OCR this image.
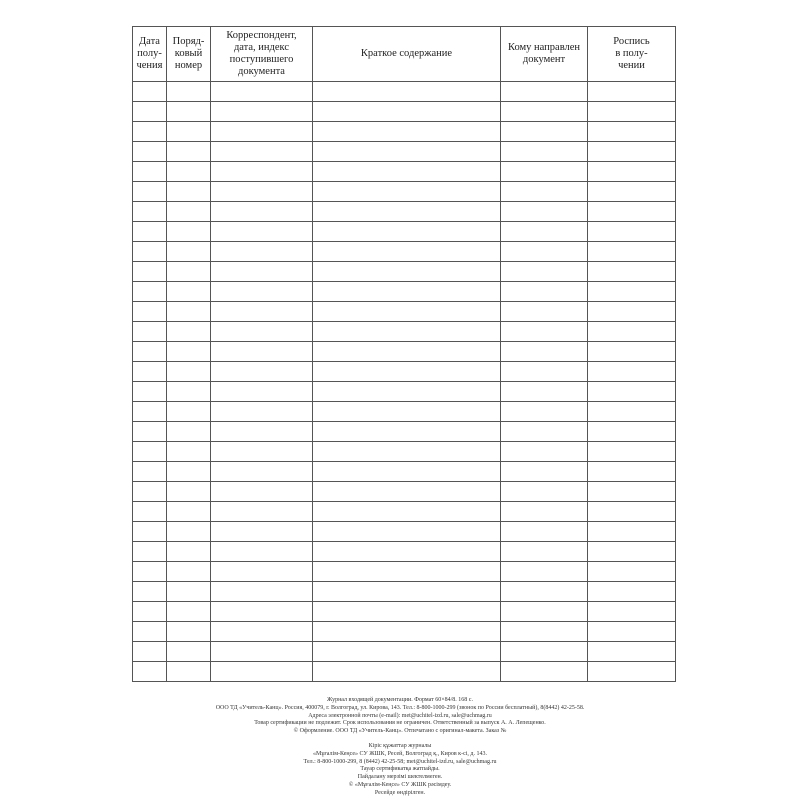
Дата
полу-
чения	Поряд-
ковый
номер	Корреспондент,
дата, индекс
поступившего
документа	Краткое содержание	Кому направлен
документ	Роспись
в полу-
чении

Журнал входящей документации. Формат 60×84/8. 168 с.
ООО ТД «Учитель-Канц». Россия, 400079, г. Волгоград, ул. Кирова, 143. Тел.: 8-800-1000-299 (звонок по России бесплатный), 8(8442) 42-25-58.
Адреса электронной почты (e-mail): met@uchitel-izd.ru, sale@uchmag.ru
Товар сертификации не подлежит. Срок использования не ограничен. Ответственный за выпуск А. А. Лепещенко.
© Оформление. ООО ТД «Учитель-Канц». Отпечатано с оригинал-макета. Заказ №
Кіріс құжаттар журналы
«Мұғалім-Кеңсе» СУ ЖШК, Ресей, Волгоград қ., Киров к-сі, д. 143.
Тел.: 8-800-1000-299, 8 (8442) 42-25-58; met@uchitel-izd.ru, sale@uchmag.ru
Тауар сертификатқа жатпайды.
Пайдалану мерзімі шектелмеген.
© «Мұғалім-Кеңсе» СУ ЖШК рәсімдеу.
Ресейде өндірілген.
